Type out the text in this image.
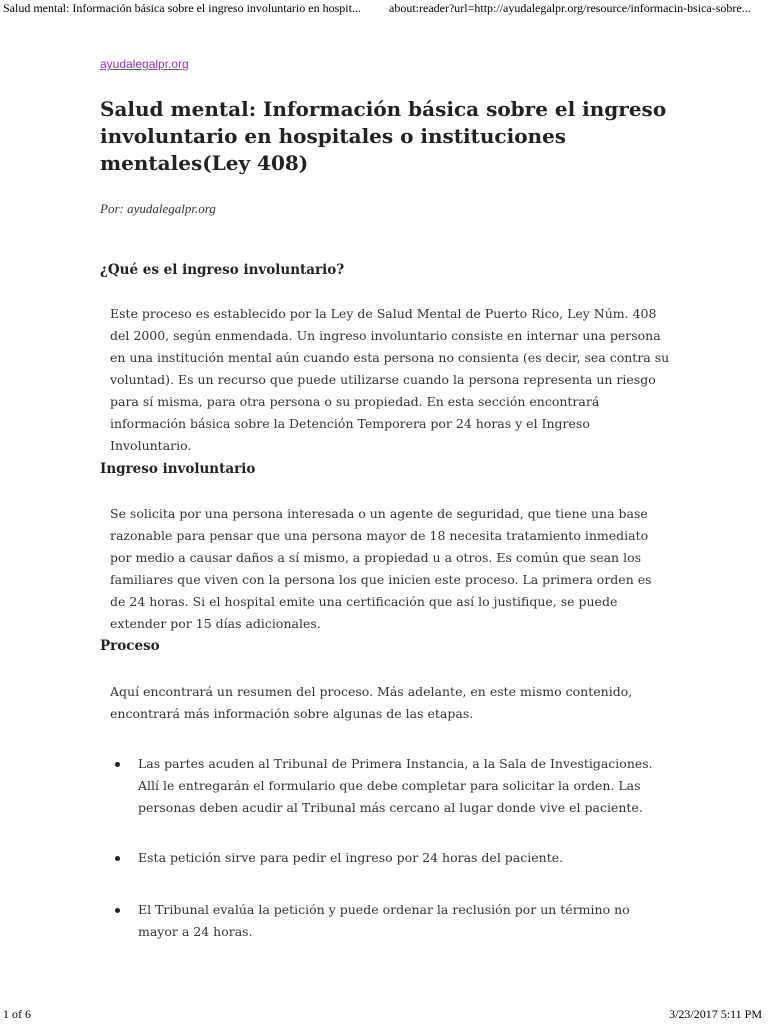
Salud mental: Información básica sobre el ingreso involuntario en hospit... about:reader?url=http://ayudalegalpr.org/resource/informacin-bsica-sobre...
ayudalegalpr.org
Salud mental: Información básica sobre el ingreso involuntario en hospitales o instituciones mentales(Ley 408)
Por: ayudalegalpr.org
¿Qué es el ingreso involuntario?

Este proceso es establecido por la Ley de Salud Mental de Puerto Rico, Ley Núm. 408 del 2000, según enmendada. Un ingreso involuntario consiste en internar una persona en una institución mental aún cuando esta persona no consienta (es decir, sea contra su voluntad). Es un recurso que puede utilizarse cuando la persona representa un riesgo para sí misma, para otra persona o su propiedad. En esta sección encontrará información básica sobre la Detención Temporera por 24 horas y el Ingreso Involuntario.

Ingreso involuntario

Se solicita por una persona interesada o un agente de seguridad, que tiene una base razonable para pensar que una persona mayor de 18 necesita tratamiento inmediato por medio a causar daños a sí mismo, a propiedad u a otros. Es común que sean los familiares que viven con la persona los que inicien este proceso. La primera orden es de 24 horas. Si el hospital emite una certificación que así lo justifique, se puede extender por 15 días adicionales.

Proceso

Aquí encontrará un resumen del proceso. Más adelante, en este mismo contenido, encontrará más información sobre algunas de las etapas.

Las partes acuden al Tribunal de Primera Instancia, a la Sala de Investigaciones. Allí le entregarán el formulario que debe completar para solicitar la orden. Las personas deben acudir al Tribunal más cercano al lugar donde vive el paciente.
Esta petición sirve para pedir el ingreso por 24 horas del paciente.
El Tribunal evalúa la petición y puede ordenar la reclusión por un término no mayor a 24 horas.
1 of 6	3/23/2017 5:11 PM
